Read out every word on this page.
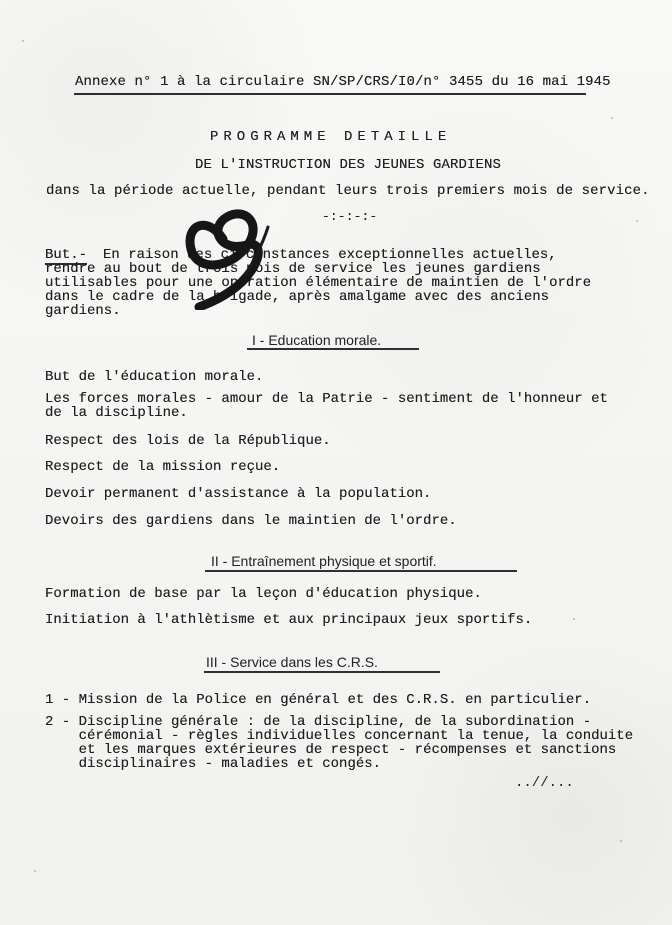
Annexe n° 1 à la circulaire SN/SP/CRS/I0/n° 3455 du 16 mai 1945
PROGRAMME DETAILLE
DE L'INSTRUCTION DES JEUNES GARDIENS
dans la période actuelle, pendant leurs trois premiers mois de service.
-:-:-:-
But.-	En raison des circonstances exceptionnelles actuelles, rendre au bout de trois mois de service les jeunes gardiens utilisables pour une opération élémentaire de maintien de l'ordre dans le cadre de la brigade, après amalgame avec des anciens gardiens.
I - Education morale.
But de l'éducation morale.
Les forces morales - amour de la Patrie - sentiment de l'honneur et
de la discipline.
Respect des lois de la République.
Respect de la mission reçue.
Devoir permanent d'assistance à la population.
Devoirs des gardiens dans le maintien de l'ordre.
II - Entraînement physique et sportif.
Formation de base par la leçon d'éducation physique.
Initiation à l'athlètisme et aux principaux jeux sportifs.
III - Service dans les C.R.S.
1 - Mission de la Police en général et des C.R.S. en particulier.
2 - Discipline générale : de la discipline, de la subordination -
cérémonial - règles individuelles concernant la tenue, la conduite
et les marques extérieures de respect - récompenses et sanctions
disciplinaires - maladies et congés.
..//...
